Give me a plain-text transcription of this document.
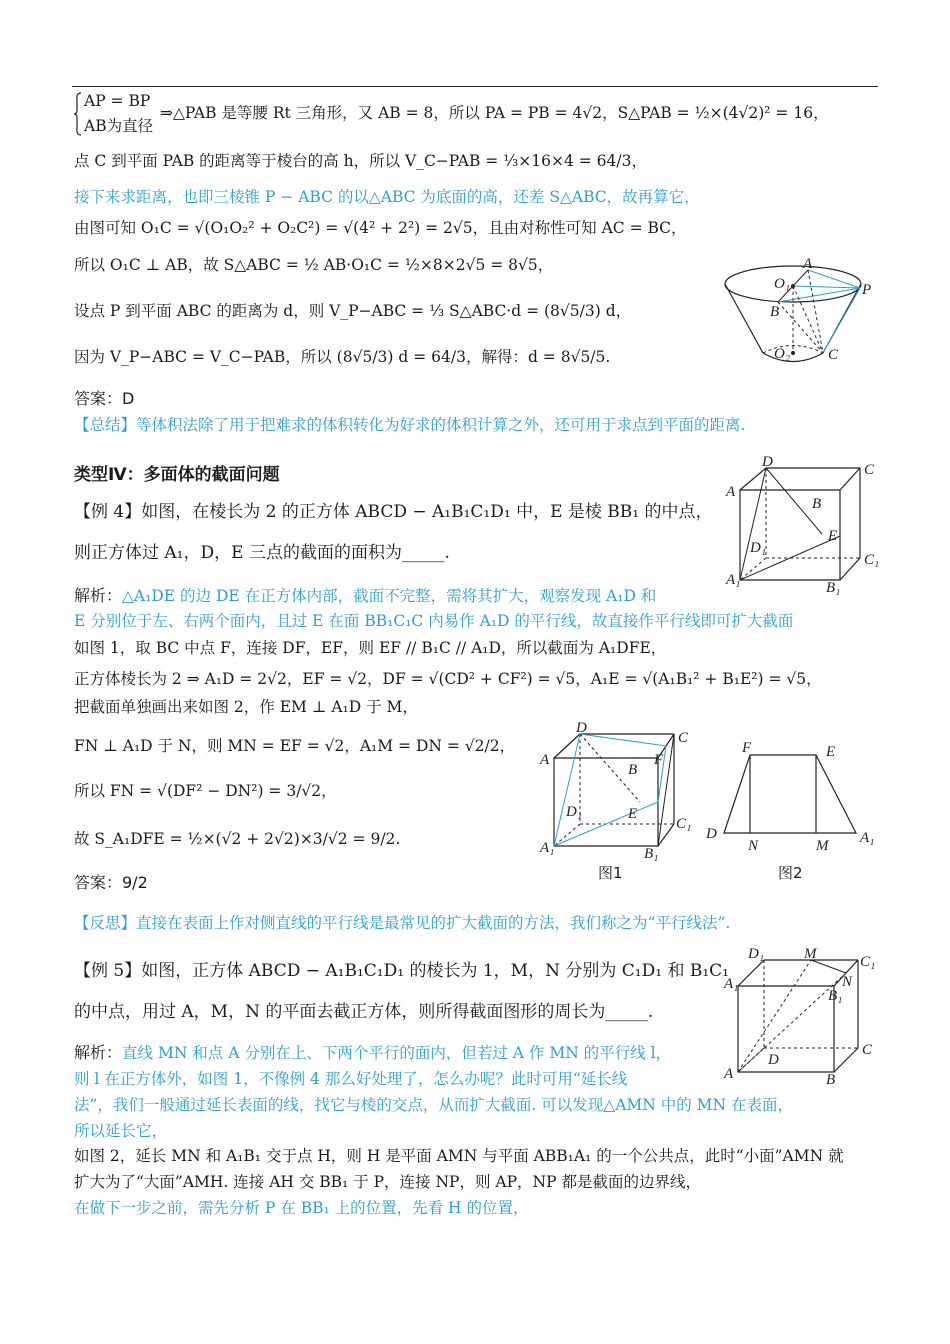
AP = BP
AB为直径
⇒△PAB 是等腰 Rt 三角形，又 AB = 8，所以 PA = PB = 4√2，S△PAB = ½×(4√2)² = 16，
点 C 到平面 PAB 的距离等于棱台的高 h，所以 V_C−PAB = ⅓×16×4 = 64/3，
接下来求距离，也即三棱锥 P − ABC 的以△ABC 为底面的高，还差 S△ABC，故再算它，
由图可知 O₁C = √(O₁O₂² + O₂C²) = √(4² + 2²) = 2√5，且由对称性可知 AC = BC，
所以 O₁C ⊥ AB，故 S△ABC = ½ AB·O₁C = ½×8×2√5 = 8√5，
设点 P 到平面 ABC 的距离为 d，则 V_P−ABC = ⅓ S△ABC·d = (8√5/3) d，
因为 V_P−ABC = V_C−PAB，所以 (8√5/3) d = 64/3，解得：d = 8√5/5.
答案：D
【总结】等体积法除了用于把难求的体积转化为好求的体积计算之外，还可用于求点到平面的距离.
A
O₁	P
B
O₂	C
类型Ⅳ：多面体的截面问题
【例 4】如图，在棱长为 2 的正方体 ABCD − A₁B₁C₁D₁ 中，E 是棱 BB₁ 的中点，
则正方体过 A₁，D，E 三点的截面的面积为_____.
D	C
A
B
E
D₁
C₁
A₁	B₁
解析：△A₁DE 的边 DE 在正方体内部，截面不完整，需将其扩大，观察发现 A₁D 和
E 分别位于左、右两个面内，且过 E 在面 BB₁C₁C 内易作 A₁D 的平行线，故直接作平行线即可扩大截面
如图 1，取 BC 中点 F，连接 DF，EF，则 EF // B₁C // A₁D，所以截面为 A₁DFE，
正方体棱长为 2 ⇒ A₁D = 2√2，EF = √2，DF = √(CD² + CF²) = √5，A₁E = √(A₁B₁² + B₁E²) = √5，
把截面单独画出来如图 2，作 EM ⊥ A₁D 于 M，
FN ⊥ A₁D 于 N，则 MN = EF = √2，A₁M = DN = √2/2，
所以 FN = √(DF² − DN²) = 3/√2，
故 S_A₁DFE = ½×(√2 + 2√2)×3/√2 = 9/2.
答案：9/2
D
C
A
B
F
D₁	E
C₁
A₁	B₁
图1
F	E
D
N	M A₁
图2
【反思】直接在表面上作对侧直线的平行线是最常见的扩大截面的方法，我们称之为“平行线法”.
【例 5】如图，正方体 ABCD − A₁B₁C₁D₁ 的棱长为 1，M，N 分别为 C₁D₁ 和 B₁C₁
的中点，用过 A，M，N 的平面去截正方体，则所得截面图形的周长为_____.
D₁	M	C₁
A₁	N
B₁
C
D
A	B
解析：直线 MN 和点 A 分别在上、下两个平行的面内，但若过 A 作 MN 的平行线 l，
则 l 在正方体外，如图 1，不像例 4 那么好处理了，怎么办呢？此时可用“延长线
法”，我们一般通过延长表面的线，找它与棱的交点，从而扩大截面. 可以发现△AMN 中的 MN 在表面，
所以延长它，
如图 2，延长 MN 和 A₁B₁ 交于点 H，则 H 是平面 AMN 与平面 ABB₁A₁ 的一个公共点，此时“小面”AMN 就
扩大为了“大面”AMH. 连接 AH 交 BB₁ 于 P，连接 NP，则 AP，NP 都是截面的边界线，
在做下一步之前，需先分析 P 在 BB₁ 上的位置，先看 H 的位置，
